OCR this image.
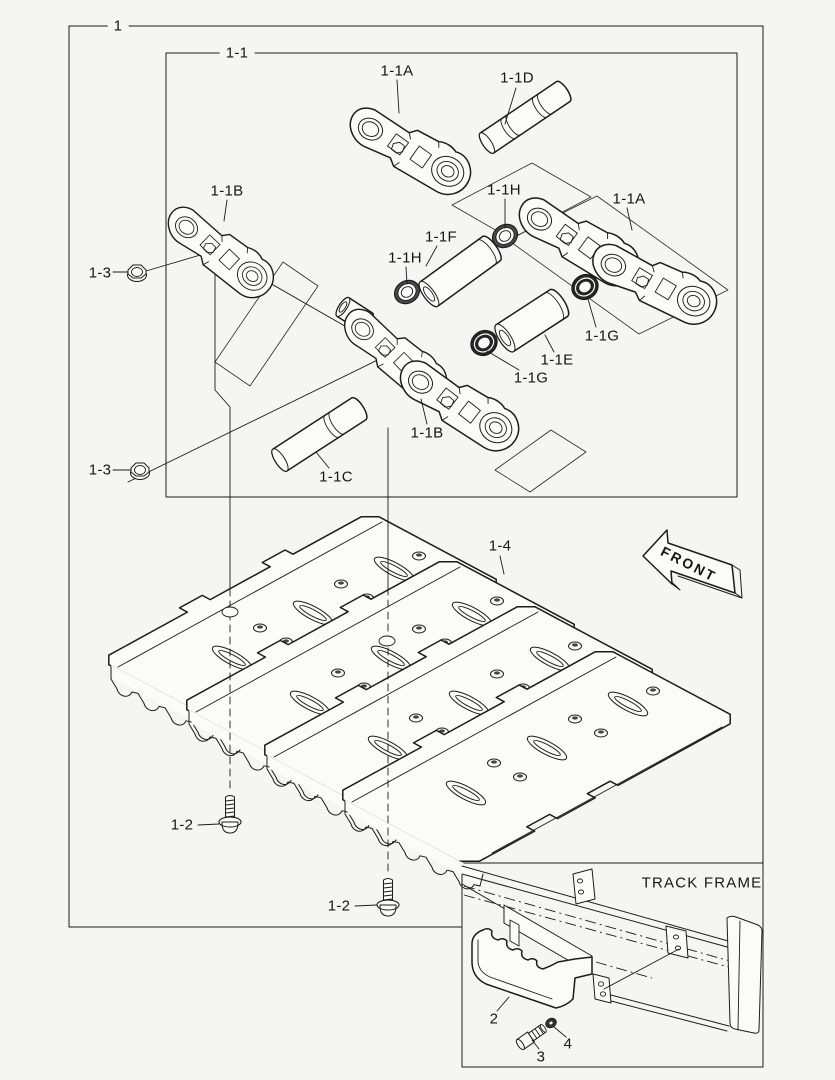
1
1-1
1-1A	1-1D
1-1B	1-1H
1-1A
1-1F
1-1H
1-3
1-1G
1-1E
1-1G
1-1B
1-3	1-1C
1-4
1-2
1-2
FRONT
TRACK FRAME
2
3
4
